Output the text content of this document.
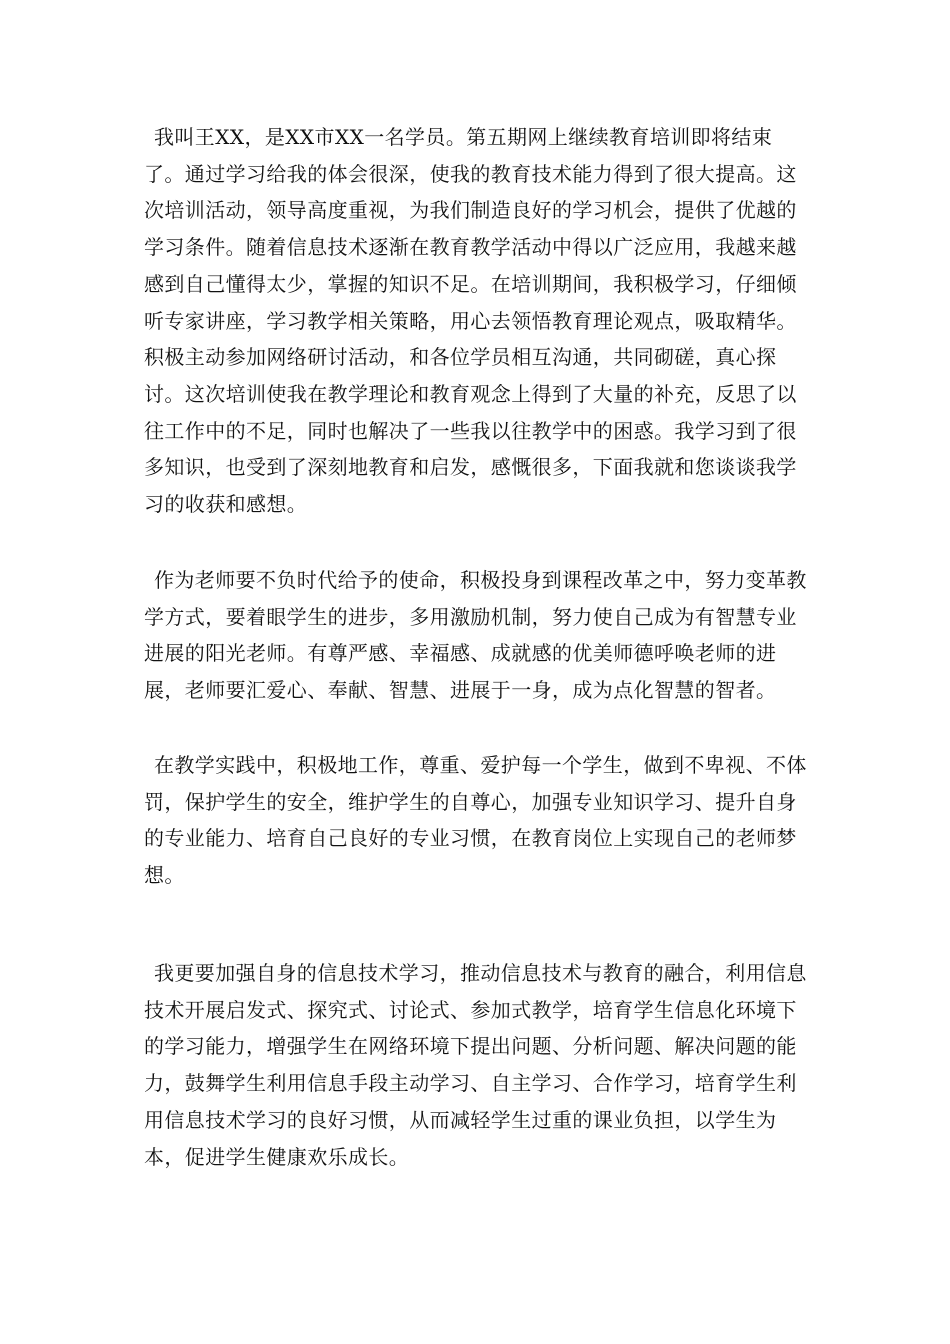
我叫王XX，是XX市XX一名学员。第五期网上继续教育培训即将结束了。通过学习给我的体会很深，使我的教育技术能力得到了很大提高。这次培训活动，领导高度重视，为我们制造良好的学习机会，提供了优越的学习条件。随着信息技术逐渐在教育教学活动中得以广泛应用，我越来越感到自己懂得太少，掌握的知识不足。在培训期间，我积极学习，仔细倾听专家讲座，学习教学相关策略，用心去领悟教育理论观点，吸取精华。积极主动参加网络研讨活动，和各位学员相互沟通，共同砌磋，真心探讨。这次培训使我在教学理论和教育观念上得到了大量的补充，反思了以往工作中的不足，同时也解决了一些我以往教学中的困惑。我学习到了很多知识，也受到了深刻地教育和启发，感慨很多，下面我就和您谈谈我学习的收获和感想。

作为老师要不负时代给予的使命，积极投身到课程改革之中，努力变革教学方式，要着眼学生的进步，多用激励机制，努力使自己成为有智慧专业进展的阳光老师。有尊严感、幸福感、成就感的优美师德呼唤老师的进展，老师要汇爱心、奉献、智慧、进展于一身，成为点化智慧的智者。

在教学实践中，积极地工作，尊重、爱护每一个学生，做到不卑视、不体罚，保护学生的安全，维护学生的自尊心，加强专业知识学习、提升自身的专业能力、培育自己良好的专业习惯，在教育岗位上实现自己的老师梦想。

我更要加强自身的信息技术学习，推动信息技术与教育的融合，利用信息技术开展启发式、探究式、讨论式、参加式教学，培育学生信息化环境下的学习能力，增强学生在网络环境下提出问题、分析问题、解决问题的能力，鼓舞学生利用信息手段主动学习、自主学习、合作学习，培育学生利用信息技术学习的良好习惯，从而减轻学生过重的课业负担，以学生为本，促进学生健康欢乐成长。
